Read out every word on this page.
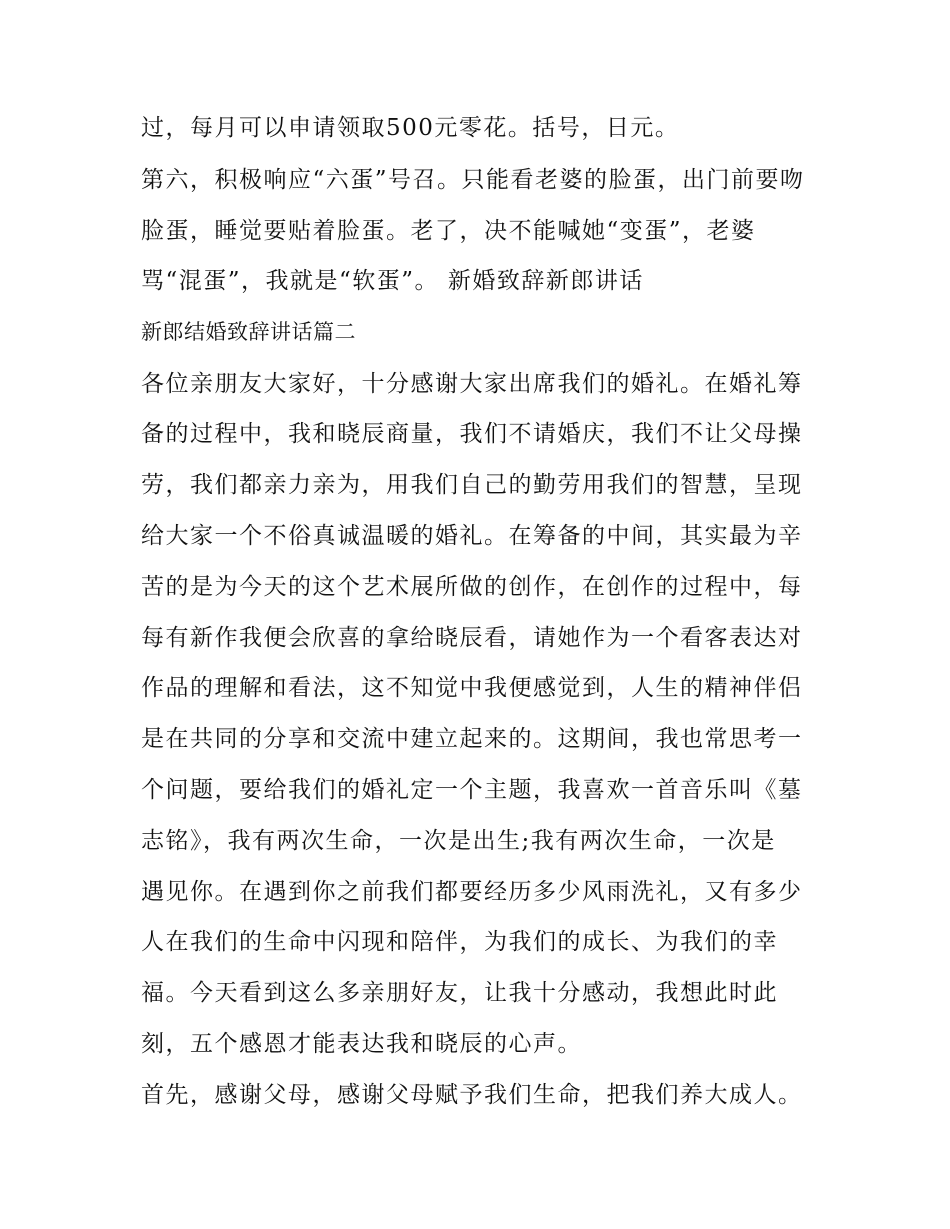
过，每月可以申请领取500元零花。括号，日元。
第六，积极响应“六蛋”号召。只能看老婆的脸蛋，出门前要吻
脸蛋，睡觉要贴着脸蛋。老了，决不能喊她“变蛋”，老婆
骂“混蛋”，我就是“软蛋”。 新婚致辞新郎讲话
新郎结婚致辞讲话篇二
各位亲朋友大家好，十分感谢大家出席我们的婚礼。在婚礼筹
备的过程中，我和晓辰商量，我们不请婚庆，我们不让父母操
劳，我们都亲力亲为，用我们自己的勤劳用我们的智慧，呈现
给大家一个不俗真诚温暖的婚礼。在筹备的中间，其实最为辛
苦的是为今天的这个艺术展所做的创作，在创作的过程中，每
每有新作我便会欣喜的拿给晓辰看，请她作为一个看客表达对
作品的理解和看法，这不知觉中我便感觉到，人生的精神伴侣
是在共同的分享和交流中建立起来的。这期间，我也常思考一
个问题，要给我们的婚礼定一个主题，我喜欢一首音乐叫《墓
志铭》，我有两次生命，一次是出生;我有两次生命，一次是
遇见你。在遇到你之前我们都要经历多少风雨洗礼，又有多少
人在我们的生命中闪现和陪伴，为我们的成长、为我们的幸
福。今天看到这么多亲朋好友，让我十分感动，我想此时此
刻，五个感恩才能表达我和晓辰的心声。
首先，感谢父母，感谢父母赋予我们生命，把我们养大成人。
